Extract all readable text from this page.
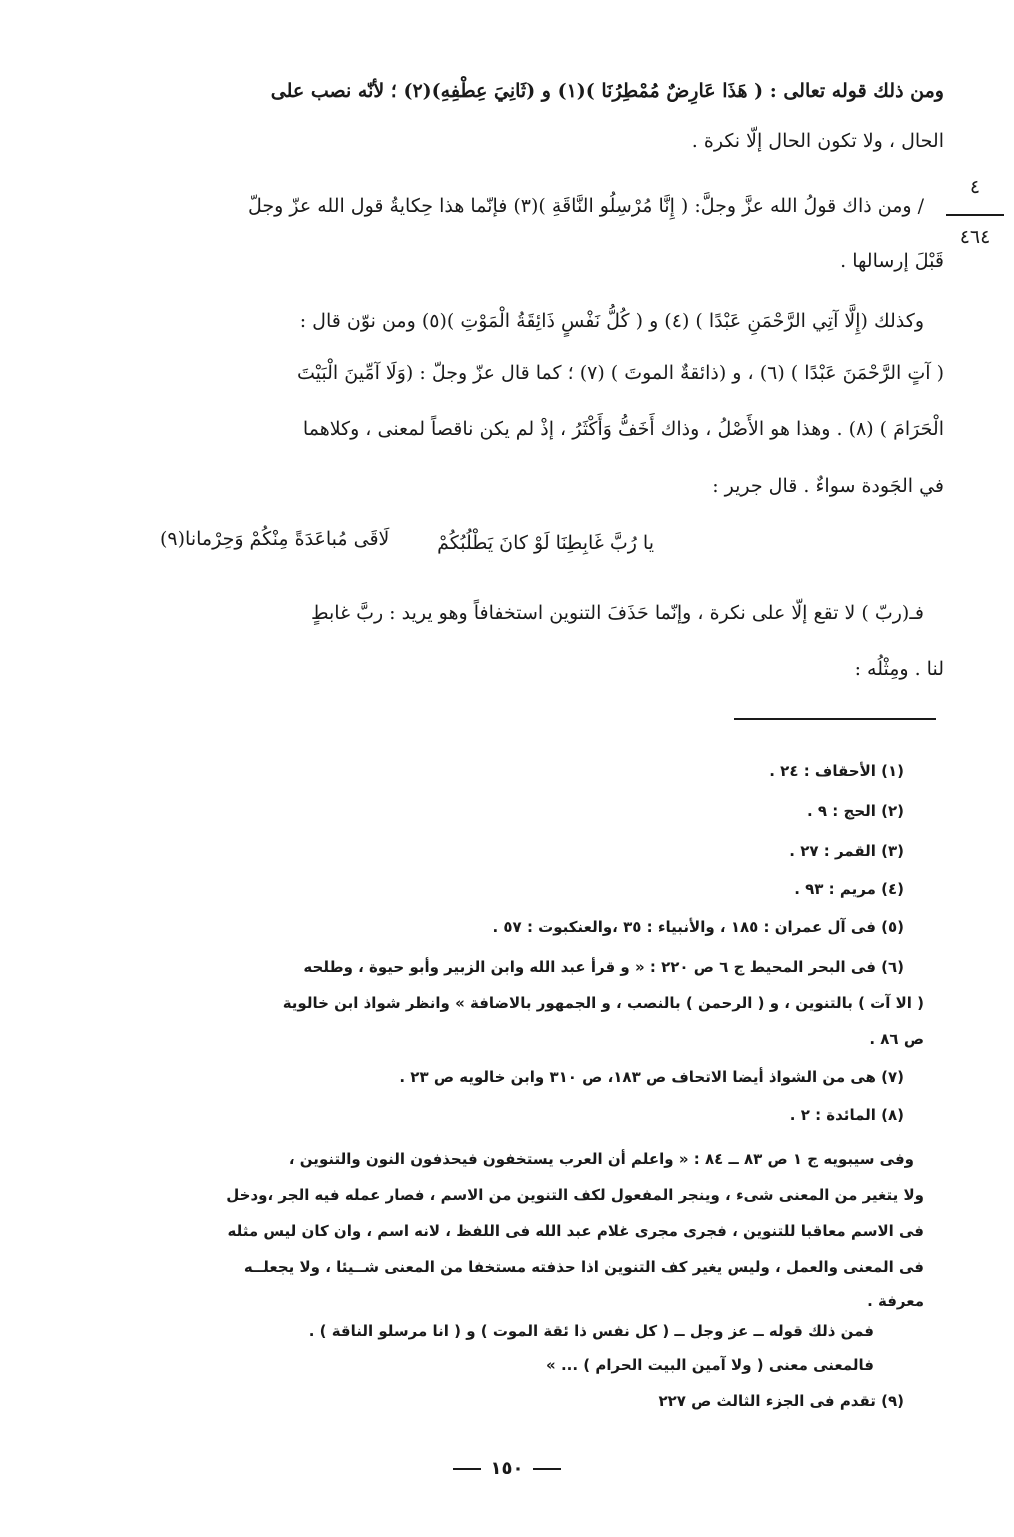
٤
٤٦٤
ومن ذلك قوله تعالى : ( هَذَا عَارِضٌ مُمْطِرُنَا )(١) و (ثَانِيَ عِطْفِهِ)(٢) ؛ لأنّه نصب على
الحال ، ولا تكون الحال إلّا نكرة .
/ ومن ذاك قولُ الله عزَّ وجلَّ: ( إِنَّا مُرْسِلُو النَّاقَةِ )(٣) فإنّما هذا حِكايةُ قول الله عزّ وجلّ
قَبْلَ إرسالها .
وكذلك (إِلَّا آتِي الرَّحْمَنِ عَبْدًا ) (٤) و ( كُلُّ نَفْسٍ ذَائِقَةُ الْمَوْتِ )(٥) ومن نوّن قال :
( آتٍ الرَّحْمَنَ عَبْدًا ) (٦) ، و (ذائقةٌ الموتَ ) (٧) ؛ كما قال عزّ وجلّ : (وَلَا آمِّينَ الْبَيْتَ
الْحَرَامَ ) (٨) . وهذا هو الأَصْلُ ، وذاك أَخَفُّ وَأَكْثَرُ ، إذْ لم يكن ناقصاً لمعنى ، وكلاهما
في الجَودة سواءٌ . قال جرير :
يا رُبَّ غَابِطِنَا لَوْ كانَ يَطْلُبُكُمْ
لَاقَى مُباعَدَةً مِنْكُمْ وَحِرْمانا(٩)
فـ(ربّ ) لا تقع إلّا على نكرة ، وإنّما حَذَفَ التنوين استخفافاً وهو يريد : ربَّ غابطٍ
لنا . ومِثْلُه :
(١) الأحقاف : ٢٤ .
(٢) الحج : ٩ .
(٣) القمر : ٢٧ .
(٤) مريم : ٩٣ .
(٥) فى آل عمران : ١٨٥ ، والأنبياء : ٣٥ ،والعنكبوت : ٥٧ .
(٦) فى البحر المحيط ج ٦ ص ٢٢٠ : « و قرأ عبد الله وابن الزبير وأبو حيوة ، وطلحه
( الا آت ) بالتنوين ، و ( الرحمن ) بالنصب ، و الجمهور بالاضافة » وانظر شواذ ابن خالوية
ص ٨٦ .
(٧) هى من الشواذ أيضا الاتحاف ص ١٨٣، ص ٣١٠ وابن خالويه ص ٢٣ .
(٨) المائدة : ٢ .
وفى سيبويه ج ١ ص ٨٣ ــ ٨٤ : « واعلم أن العرب يستخفون فيحذفون النون والتنوين ،
ولا يتغير من المعنى شىء ، وينجر المفعول لكف التنوين من الاسم ، فصار عمله فيه الجر ،ودخل
فى الاسم معاقبا للتنوين ، فجرى مجرى غلام عبد الله فى اللفظ ، لانه اسم ، وان كان ليس مثله
فى المعنى والعمل ، وليس يغير كف التنوين اذا حذفته مستخفا من المعنى شــيئا ، ولا يجعلــه
معرفة .
فمن ذلك قوله ــ عز وجل ــ ( كل نفس ذا ئقة الموت ) و ( انا مرسلو الناقة ) .
فالمعنى معنى ( ولا آمين البيت الحرام ) ... »
(٩) تقدم فى الجزء الثالث ص ٢٢٧
١٥٠
